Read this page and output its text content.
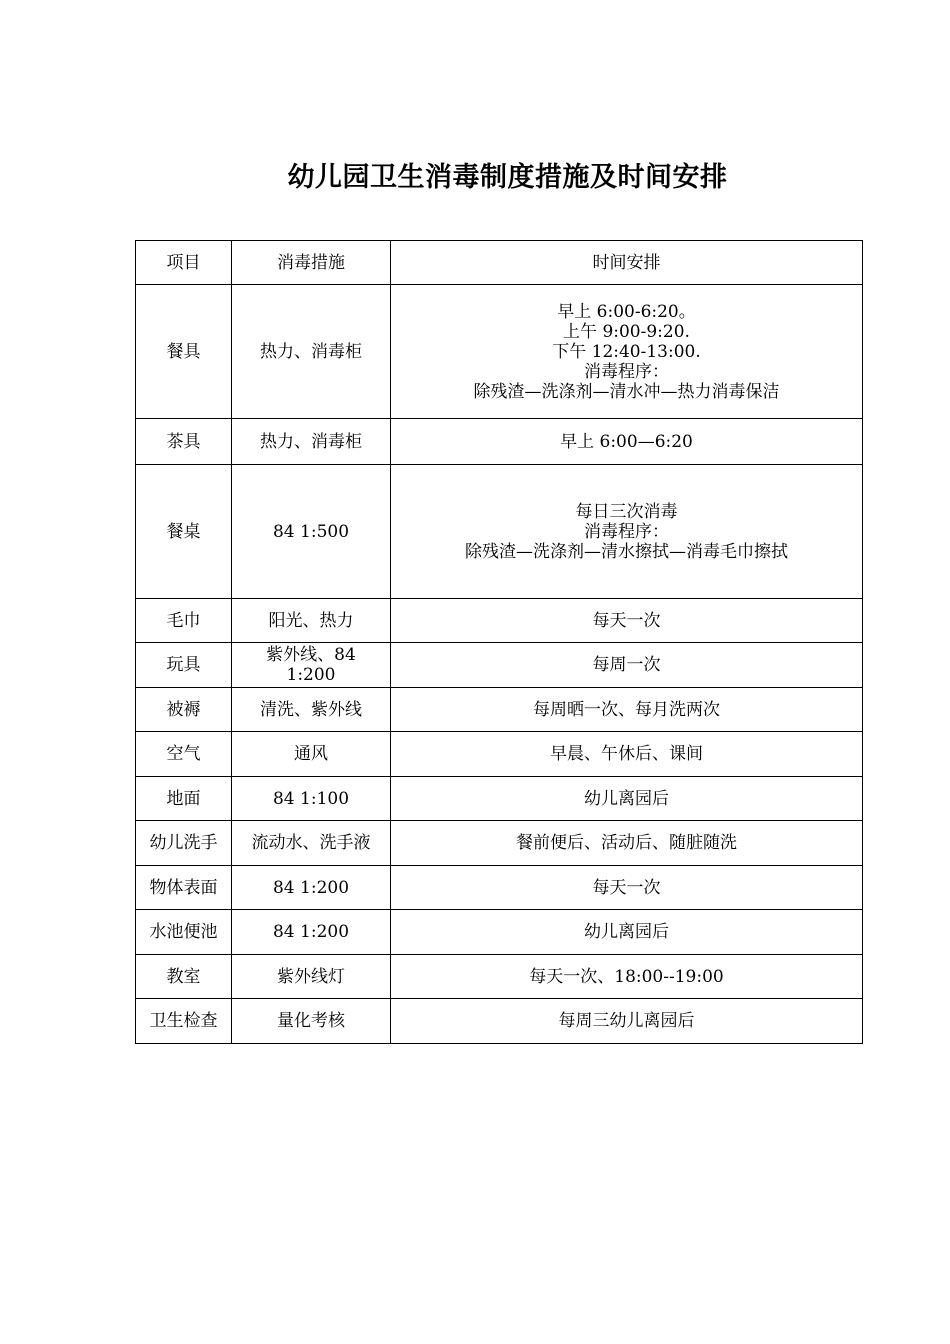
幼儿园卫生消毒制度措施及时间安排
项目	消毒措施	时间安排
餐具	热力、消毒柜	早上 6:00-6:20。
上午 9:00-9:20.
下午 12:40-13:00.
消毒程序：
除残渣—洗涤剂—清水冲—热力消毒保洁

茶具	热力、消毒柜	早上 6:00—6:20

餐桌	84 1:500	每日三次消毒
消毒程序：
除残渣—洗涤剂—清水擦拭—消毒毛巾擦拭

毛巾	阳光、热力	每天一次

玩具	紫外线、84
1:200	每周一次

被褥	清洗、紫外线	每周晒一次、每月洗两次

空气	通风	早晨、午休后、课间

地面	84 1:100	幼儿离园后

幼儿洗手	流动水、洗手液	餐前便后、活动后、随脏随洗

物体表面	84 1:200	每天一次

水池便池	84 1:200	幼儿离园后

教室	紫外线灯	每天一次、18:00--19:00

卫生检查	量化考核	每周三幼儿离园后
